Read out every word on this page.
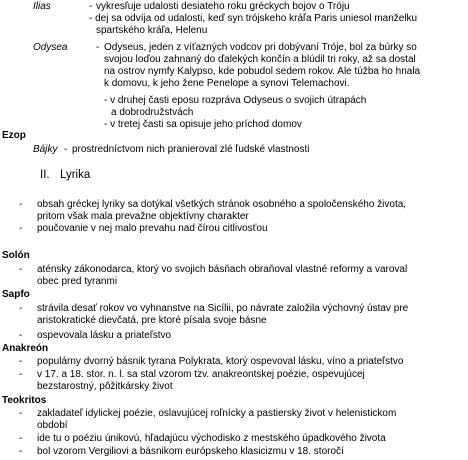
Ilias	- vykresľuje udalosti desiateho roku gréckych bojov o Tróju
- dej sa odvíja od udalosti, keď syn trójskeho kráľa Paris uniesol manželku
spartského kráľa, Helenu
Odysea	- Odyseus, jeden z víťazných vodcov pri dobývaní Tróje, bol za búrky so
svojou loďou zahnaný do ďalekých končín a blúdil tri roky, až sa dostal
na ostrov nymfy Kalypso, kde pobudol sedem rokov. Ale túžba ho hnala
k domovu, k jeho žene Penelope a synovi Telemachovi.
- v druhej časti eposu rozpráva Odyseus o svojich útrapách
a dobrodružstvách
- v tretej časti sa opisuje jeho príchod domov
Ezop
Bájky - prostredníctvom nich pranieroval zlé ľudské vlastnosti
II. Lyrika
- obsah gréckej lyriky sa dotýkal všetkých stránok osobného a spoločenského života,
pritom však mala prevažne objektívny charakter
- poučovanie v nej malo prevahu nad čírou citlivosťou
Solón
- aténsky zákonodarca, ktorý vo svojich básňach obraňoval vlastné reformy a varoval
obec pred tyranmi
Sapfo
- strávila desať rokov vo vyhnanstve na Sicílii, po návrate založila výchovný ústav pre
aristokratické dievčatá, pre ktoré písala svoje básne
- ospevovala lásku a priateľstvo
Anakreón
- populárny dvorný básnik tyrana Polykrata, ktorý ospevoval lásku, víno a priateľstvo
- v 17. a 18. stor. n. l. sa stal vzorom tzv. anakreontskej poézie, ospevujúcej
bezstarostný, pôžitkársky život
Teokritos
- zakladateľ idylickej poézie, oslavujúcej roľnícky a pastiersky život v helenistickom
období
- ide tu o poéziu únikovú, hľadajúcu východisko z mestského úpadkového života
- bol vzorom Vergiliovi a básnikom európskeho klasicizmu v 18. storočí
